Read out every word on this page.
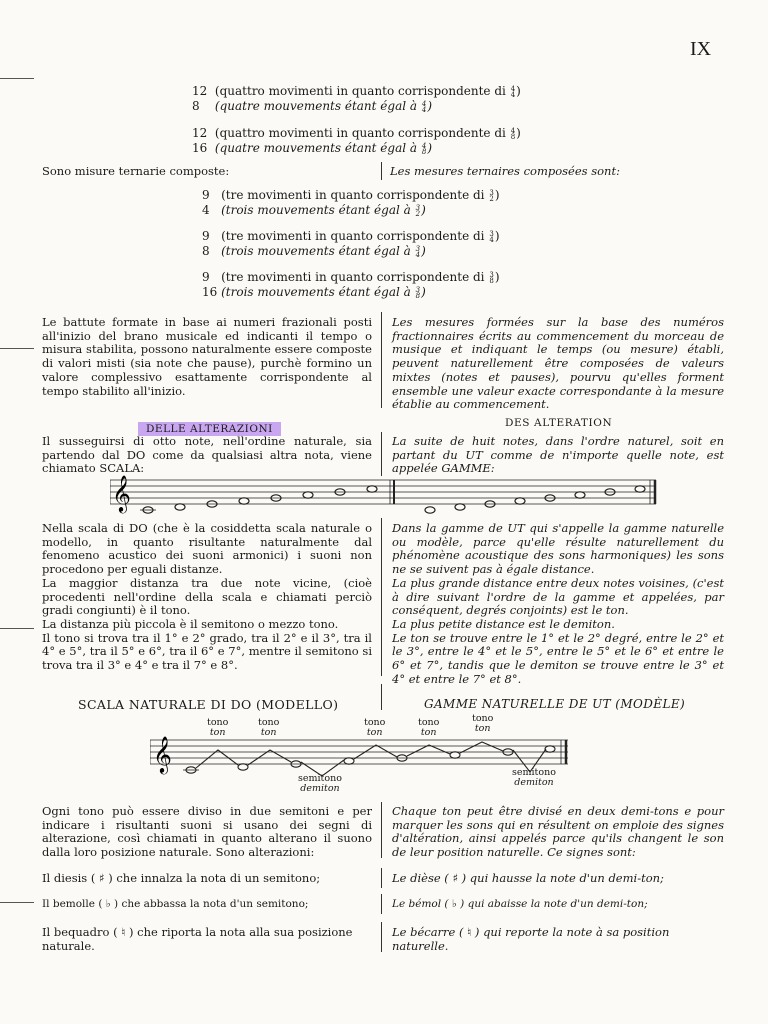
IX
12 (quattro movimenti in quanto corrispondente di 4
4)
8 (quatre mouvements étant égal à 4
4)
12 (quattro movimenti in quanto corrispondente di 4
8)
16 (quatre mouvements étant égal à 4
8)
Sono misure ternarie composte:	Les mesures ternaires composées sont:
9 (tre movimenti in quanto corrispondente di 3
2)
4 (trois mouvements étant égal à 3
2)
9 (tre movimenti in quanto corrispondente di 3
4)
8 (trois mouvements étant égal à 3
4)
9 (tre movimenti in quanto corrispondente di 3
8)
16 (trois mouvements étant égal à 3
8)
Le battute formate in base ai numeri frazionali posti all'inizio del brano musicale ed indicanti il tempo o misura stabilita, possono naturalmente essere composte di valori misti (sia note che pause), purchè formino un valore complessivo esattamente corrispondente al tempo stabilito all'inizio.
Les mesures formées sur la base des numéros fractionnaires écrits au commencement du morceau de musique et indiquant le temps (ou mesure) établi, peuvent naturellement être composées de valeurs mixtes (notes et pauses), pourvu qu'elles forment ensemble une valeur exacte correspondante à la mesure établie au commencement.
DELLE ALTERAZIONI	DES ALTERATION
Il susseguirsi di otto note, nell'ordine naturale, sia partendo dal DO come da qualsiasi altra nota, viene chiamato SCALA:
La suite de huit notes, dans l'ordre naturel, soit en partant du UT comme de n'importe quelle note, est appelée GAMME:
𝄞
Nella scala di DO (che è la cosiddetta scala naturale o modello, in quanto risultante naturalmente dal fenomeno acustico dei suoni armonici) i suoni non procedono per eguali distanze.
La maggior distanza tra due note vicine, (cioè procedenti nell'ordine della scala e chiamati perciò gradi congiunti) è il tono.
La distanza più piccola è il semitono o mezzo tono.
Il tono si trova tra il 1° e 2° grado, tra il 2° e il 3°, tra il 4° e 5°, tra il 5° e 6°, tra il 6° e 7°, mentre il semitono si trova tra il 3° e 4° e tra il 7° e 8°.
Dans la gamme de UT qui s'appelle la gamme naturelle ou modèle, parce qu'elle résulte naturellement du phénomène acoustique des sons harmoniques) les sons ne se suivent pas à égale distance.
La plus grande distance entre deux notes voisines, (c'est à dire suivant l'ordre de la gamme et appelées, par conséquent, degrés conjoints) est le ton.
La plus petite distance est le demiton.
Le ton se trouve entre le 1° et le 2° degré, entre le 2° et le 3°, entre le 4° et le 5°, entre le 5° et le 6° et entre le 6° et 7°, tandis que le demiton se trouve entre le 3° et 4° et entre le 7° et 8°.
SCALA NATURALE DI DO (MODELLO)	GAMME NATURELLE DE UT (MODÈLE)
tono
ton
tono
ton
tono
ton
tono
ton
tono
ton
𝄞
semitono
demiton
semitono
demiton
Ogni tono può essere diviso in due semitoni e per indicare i risultanti suoni si usano dei segni di alterazione, così chiamati in quanto alterano il suono dalla loro posizione naturale. Sono alterazioni:
Chaque ton peut être divisé en deux demi-tons e pour marquer les sons qui en résultent on emploie des signes d'altération, ainsi appelés parce qu'ils changent le son de leur position naturelle. Ce signes sont:
Il diesis ( ♯ ) che innalza la nota di un semitono;	Le dièse ( ♯ ) qui hausse la note d'un demi-ton;
Il bemolle ( ♭ ) che abbassa la nota d'un semitono;	Le bémol ( ♭ ) qui abaisse la note d'un demi-ton;
Il bequadro ( ♮ ) che riporta la nota alla sua posizione naturale.
Le bécarre ( ♮ ) qui reporte la note à sa position naturelle.
